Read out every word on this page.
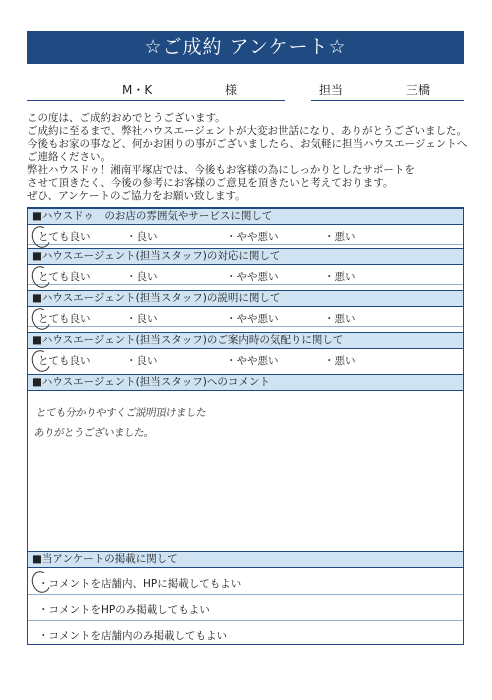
☆ご成約 アンケート☆
M・K	様	担当	三橋

この度は、ご成約おめでとうございます。

ご成約に至るまで、弊社ハウスエージェントが大変お世話になり、ありがとうございました。

今後もお家の事など、何かお困りの事がございましたら、お気軽に担当ハウスエージェントへ

ご連絡ください。

弊社ハウスドゥ！湘南平塚店では、今後もお客様の為にしっかりとしたサポートを

させて頂きたく、今後の参考にお客様のご意見を頂きたいと考えております。

ぜひ、アンケートのご協力をお願い致します。

■ハウスドゥ　のお店の雰囲気やサービスに関して
とても良い	・良い	・やや悪い	・悪い
■ハウスエージェント(担当スタッフ)の対応に関して
とても良い	・良い	・やや悪い	・悪い
■ハウスエージェント(担当スタッフ)の説明に関して
とても良い	・良い	・やや悪い	・悪い
■ハウスエージェント(担当スタッフ)のご案内時の気配りに関して
とても良い	・良い	・やや悪い	・悪い
■ハウスエージェント(担当スタッフ)へのコメント
とても分かりやすくご説明頂けました
ありがとうございました。
■当アンケートの掲載に関して
・コメントを店舗内、HPに掲載してもよい
・コメントをHPのみ掲載してもよい
・コメントを店舗内のみ掲載してもよい
